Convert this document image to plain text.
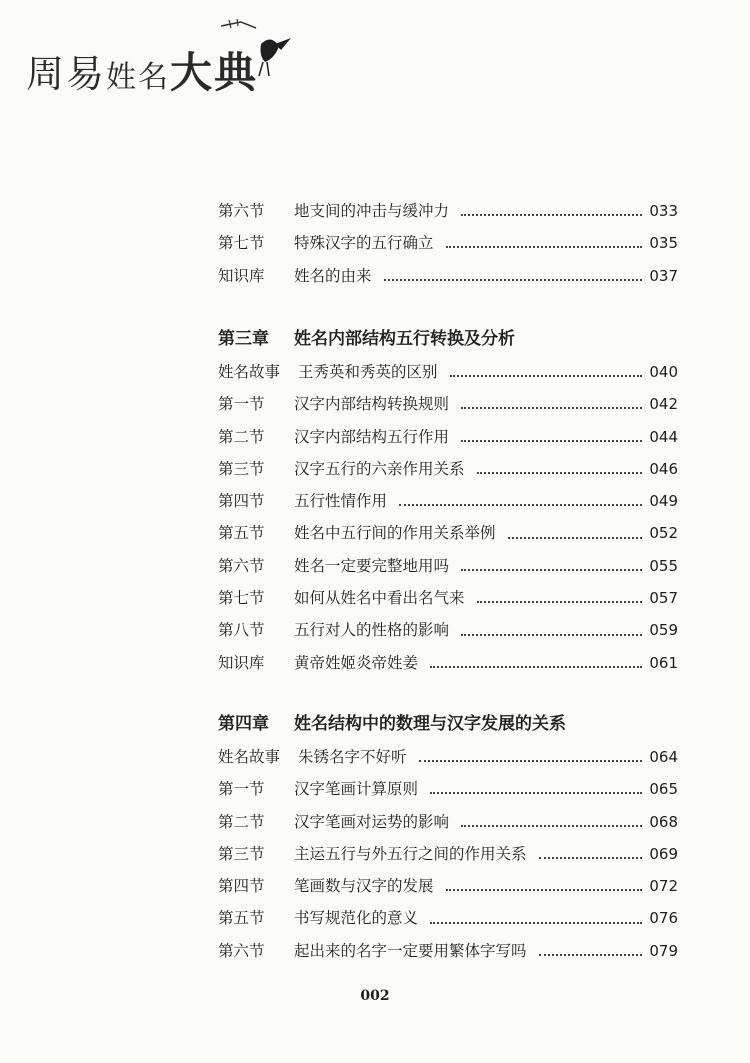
周易姓名大典
第六节	地支间的冲击与缓冲力	033
第七节	特殊汉字的五行确立	035
知识库	姓名的由来	037
第三章 姓名内部结构五行转换及分析
姓名故事	王秀英和秀英的区别	040
第一节	汉字内部结构转换规则	042
第二节	汉字内部结构五行作用	044
第三节	汉字五行的六亲作用关系	046
第四节	五行性情作用	049
第五节	姓名中五行间的作用关系举例	052
第六节	姓名一定要完整地用吗	055
第七节	如何从姓名中看出名气来	057
第八节	五行对人的性格的影响	059
知识库	黄帝姓姬炎帝姓姜	061
第四章 姓名结构中的数理与汉字发展的关系
姓名故事	朱锈名字不好听	064
第一节	汉字笔画计算原则	065
第二节	汉字笔画对运势的影响	068
第三节	主运五行与外五行之间的作用关系	069
第四节	笔画数与汉字的发展	072
第五节	书写规范化的意义	076
第六节	起出来的名字一定要用繁体字写吗	079
002
